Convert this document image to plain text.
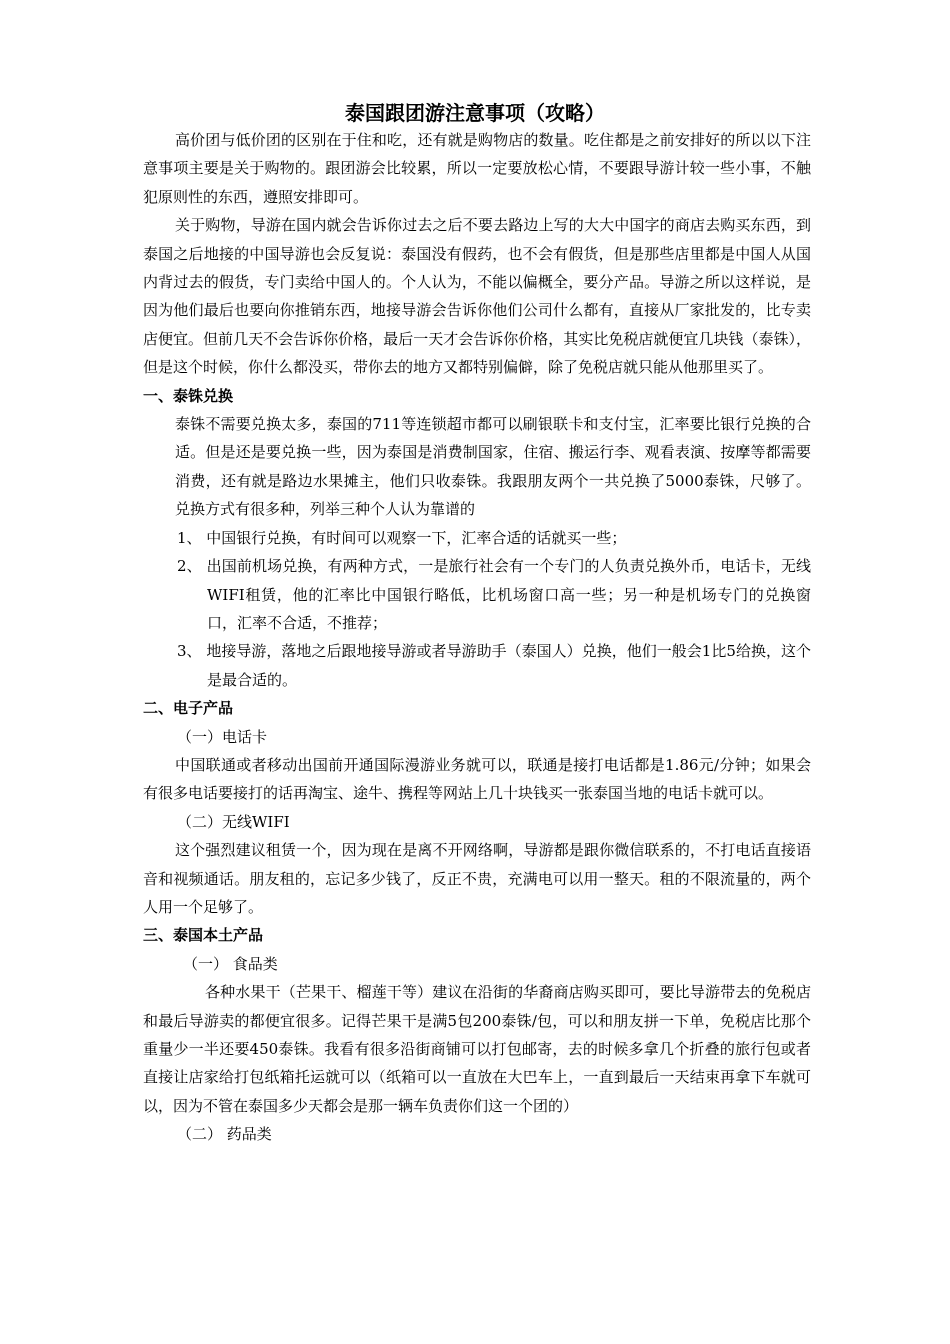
泰国跟团游注意事项（攻略）

高价团与低价团的区别在于住和吃，还有就是购物店的数量。吃住都是之前安排好的所以以下注意事项主要是关于购物的。跟团游会比较累，所以一定要放松心情，不要跟导游计较一些小事，不触犯原则性的东西，遵照安排即可。

关于购物，导游在国内就会告诉你过去之后不要去路边上写的大大中国字的商店去购买东西，到泰国之后地接的中国导游也会反复说：泰国没有假药，也不会有假货，但是那些店里都是中国人从国内背过去的假货，专门卖给中国人的。个人认为，不能以偏概全，要分产品。导游之所以这样说，是因为他们最后也要向你推销东西，地接导游会告诉你他们公司什么都有，直接从厂家批发的，比专卖店便宜。但前几天不会告诉你价格，最后一天才会告诉你价格，其实比免税店就便宜几块钱（泰铢），但是这个时候，你什么都没买，带你去的地方又都特别偏僻，除了免税店就只能从他那里买了。

一、泰铢兑换

泰铢不需要兑换太多，泰国的711等连锁超市都可以刷银联卡和支付宝，汇率要比银行兑换的合适。但是还是要兑换一些，因为泰国是消费制国家，住宿、搬运行李、观看表演、按摩等都需要消费，还有就是路边水果摊主，他们只收泰铢。我跟朋友两个一共兑换了5000泰铢，尺够了。兑换方式有很多种，列举三种个人认为靠谱的

1、 中国银行兑换，有时间可以观察一下，汇率合适的话就买一些；

2、 出国前机场兑换，有两种方式，一是旅行社会有一个专门的人负责兑换外币，电话卡，无线WIFI租赁，他的汇率比中国银行略低，比机场窗口高一些；另一种是机场专门的兑换窗口，汇率不合适，不推荐；

3、 地接导游，落地之后跟地接导游或者导游助手（泰国人）兑换，他们一般会1比5给换，这个是最合适的。

二、电子产品

（一）电话卡

中国联通或者移动出国前开通国际漫游业务就可以，联通是接打电话都是1.86元/分钟；如果会有很多电话要接打的话再淘宝、途牛、携程等网站上几十块钱买一张泰国当地的电话卡就可以。

（二）无线WIFI

这个强烈建议租赁一个，因为现在是离不开网络啊，导游都是跟你微信联系的，不打电话直接语音和视频通话。朋友租的，忘记多少钱了，反正不贵，充满电可以用一整天。租的不限流量的，两个人用一个足够了。

三、泰国本土产品

（一） 食品类

各种水果干（芒果干、榴莲干等）建议在沿街的华裔商店购买即可，要比导游带去的免税店和最后导游卖的都便宜很多。记得芒果干是满5包200泰铢/包，可以和朋友拼一下单，免税店比那个重量少一半还要450泰铢。我看有很多沿街商铺可以打包邮寄，去的时候多拿几个折叠的旅行包或者直接让店家给打包纸箱托运就可以（纸箱可以一直放在大巴车上，一直到最后一天结束再拿下车就可以，因为不管在泰国多少天都会是那一辆车负责你们这一个团的）

（二） 药品类
